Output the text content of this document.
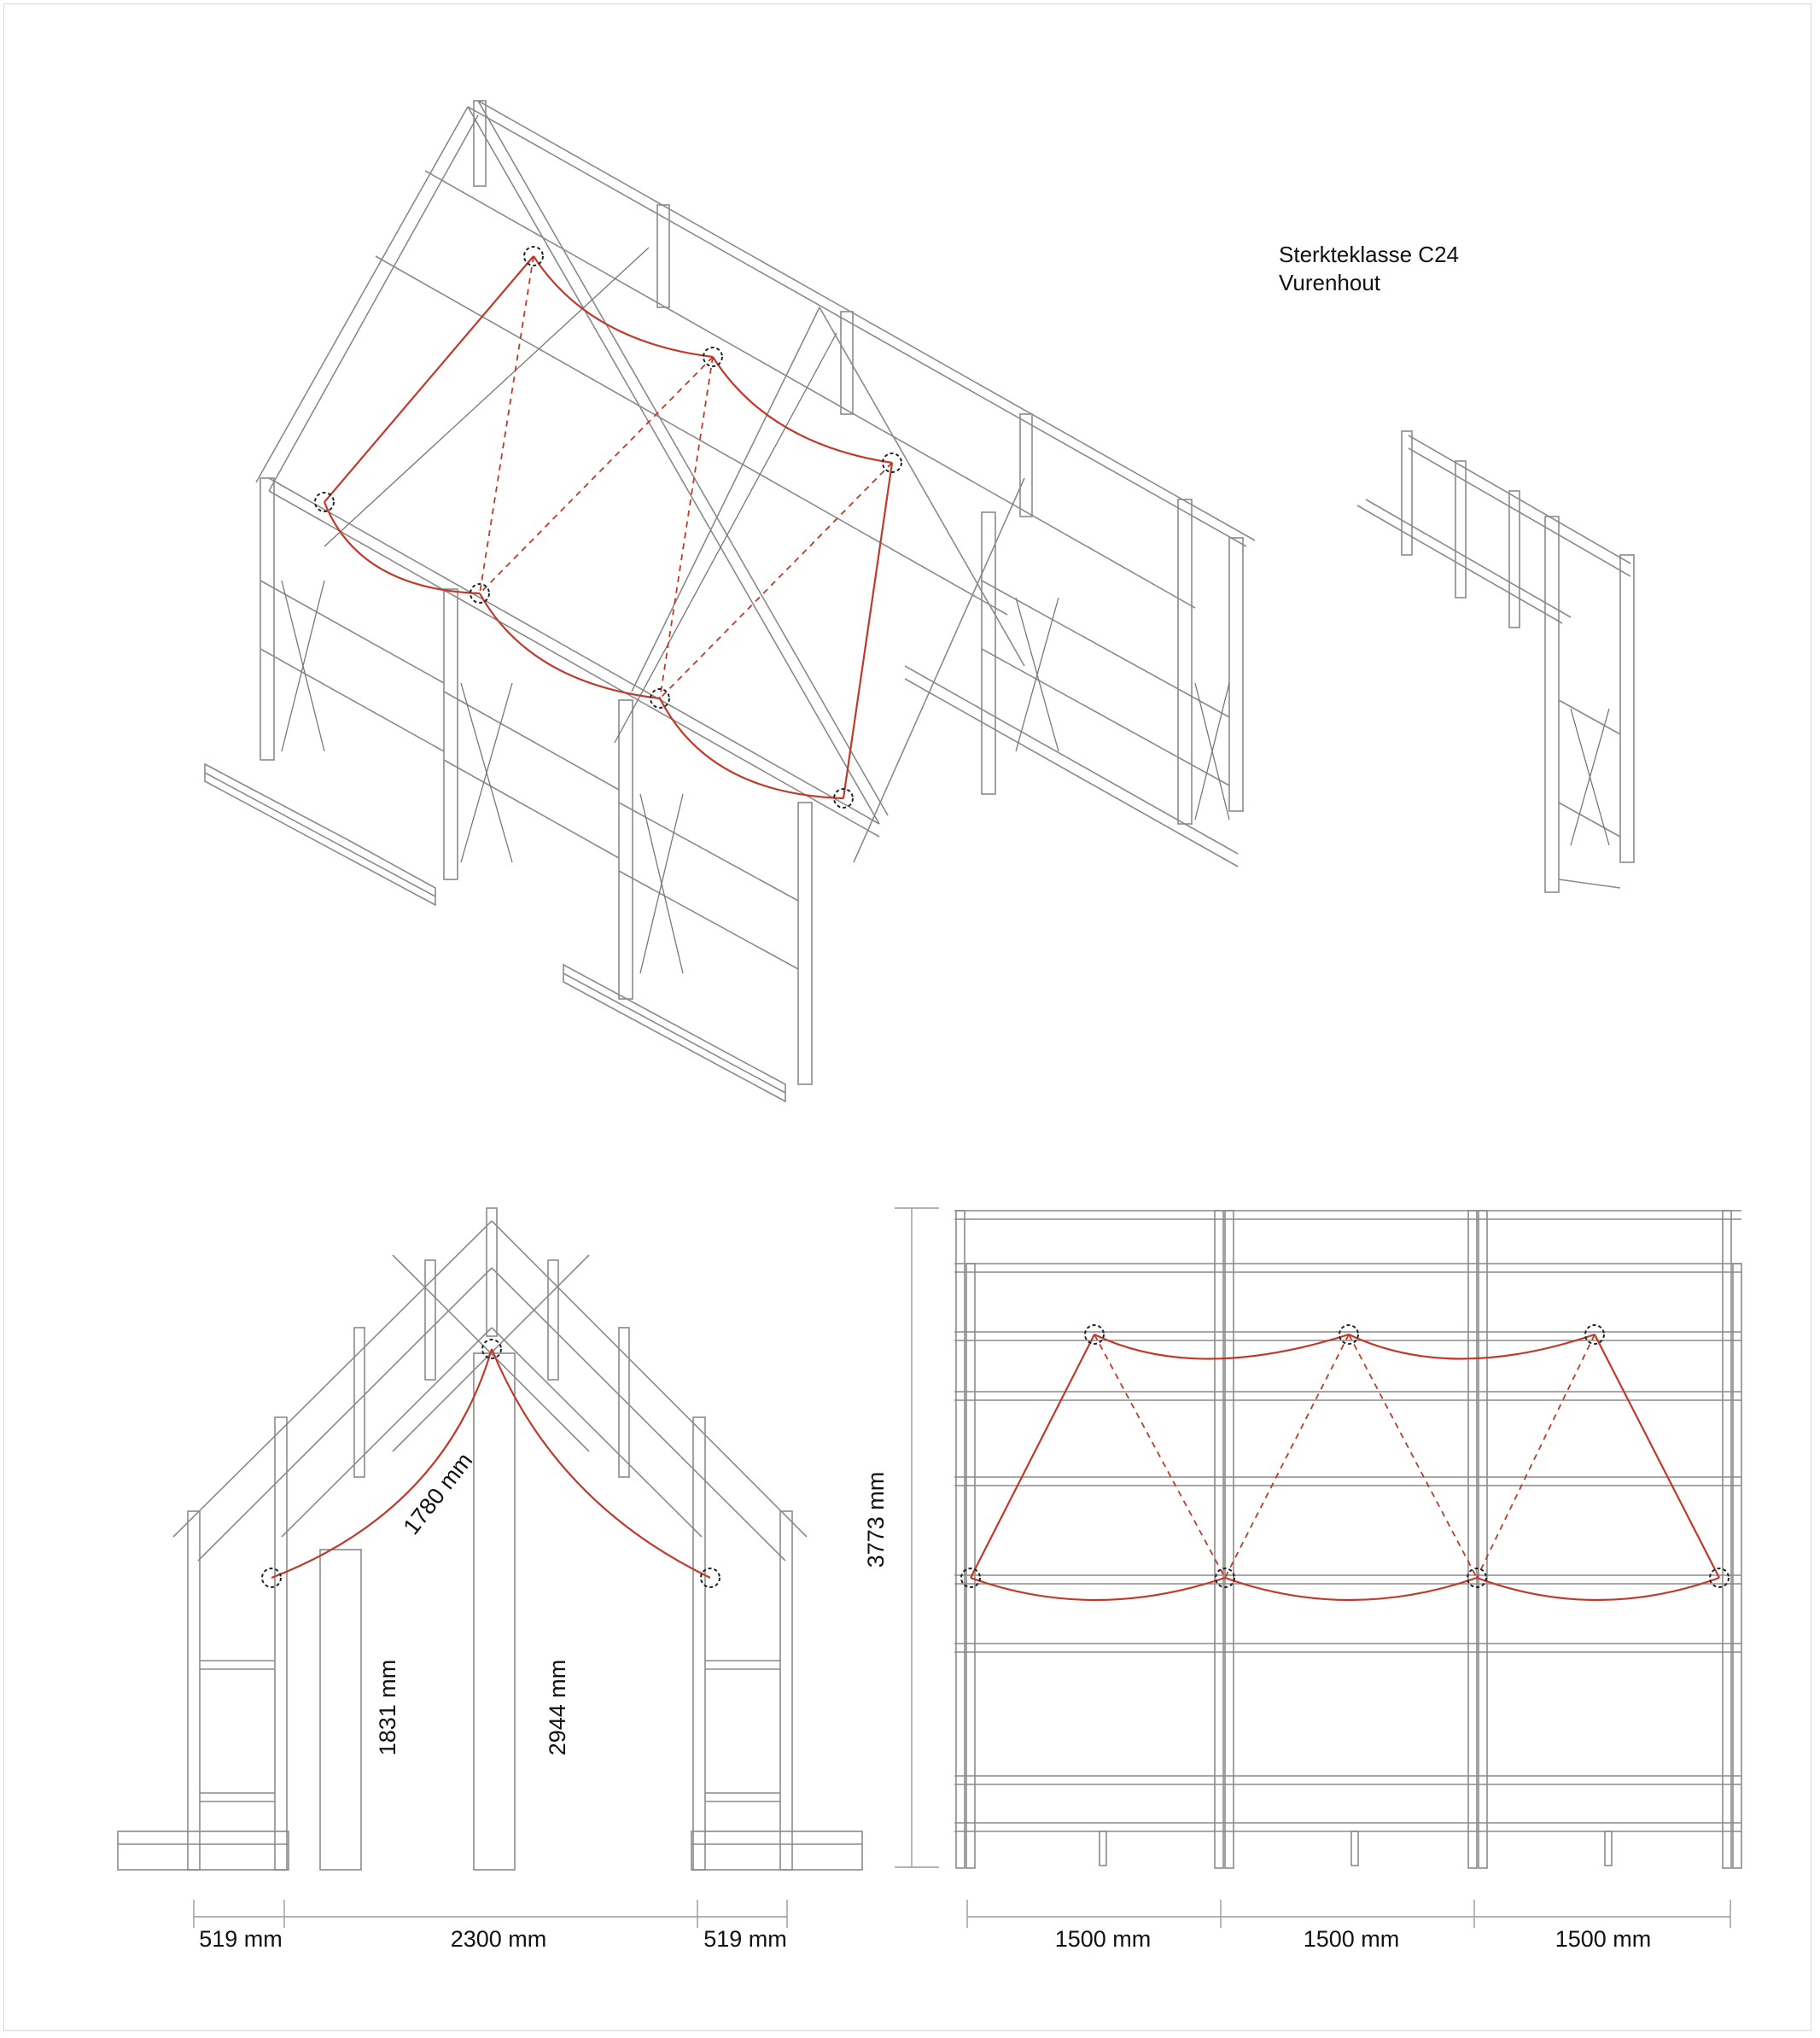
Sterkteklasse C24
Vurenhout
519 mm	2300 mm	519 mm
1780 mm
1831 mm	2944 mm
3773 mm
1500 mm	1500 mm	1500 mm
